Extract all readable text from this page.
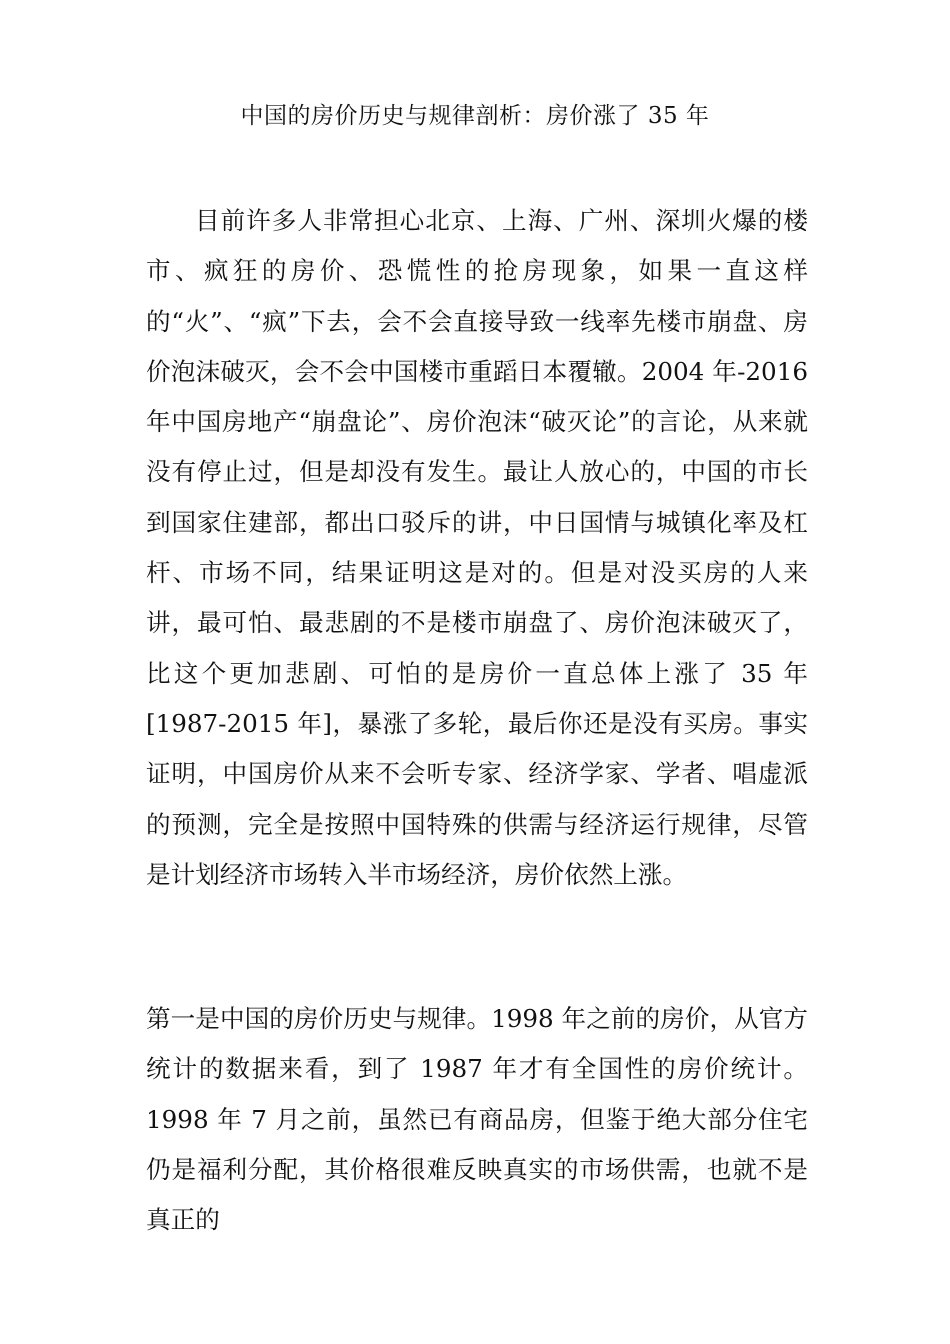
中国的房价历史与规律剖析：房价涨了 35 年

目前许多人非常担心北京、上海、广州、深圳火爆的楼市、疯狂的房价、恐慌性的抢房现象，如果一直这样的“火”、“疯”下去，会不会直接导致一线率先楼市崩盘、房价泡沫破灭，会不会中国楼市重蹈日本覆辙。2004 年-2016 年中国房地产“崩盘论”、房价泡沫“破灭论”的言论，从来就没有停止过，但是却没有发生。最让人放心的，中国的市长到国家住建部，都出口驳斥的讲，中日国情与城镇化率及杠杆、市场不同，结果证明这是对的。但是对没买房的人来讲，最可怕、最悲剧的不是楼市崩盘了、房价泡沫破灭了，比这个更加悲剧、可怕的是房价一直总体上涨了 35 年[1987-2015 年]，暴涨了多轮，最后你还是没有买房。事实证明，中国房价从来不会听专家、经济学家、学者、唱虚派的预测，完全是按照中国特殊的供需与经济运行规律，尽管是计划经济市场转入半市场经济，房价依然上涨。

第一是中国的房价历史与规律。1998 年之前的房价，从官方统计的数据来看，到了 1987 年才有全国性的房价统计。1998 年 7 月之前，虽然已有商品房，但鉴于绝大部分住宅仍是福利分配，其价格很难反映真实的市场供需，也就不是真正的
